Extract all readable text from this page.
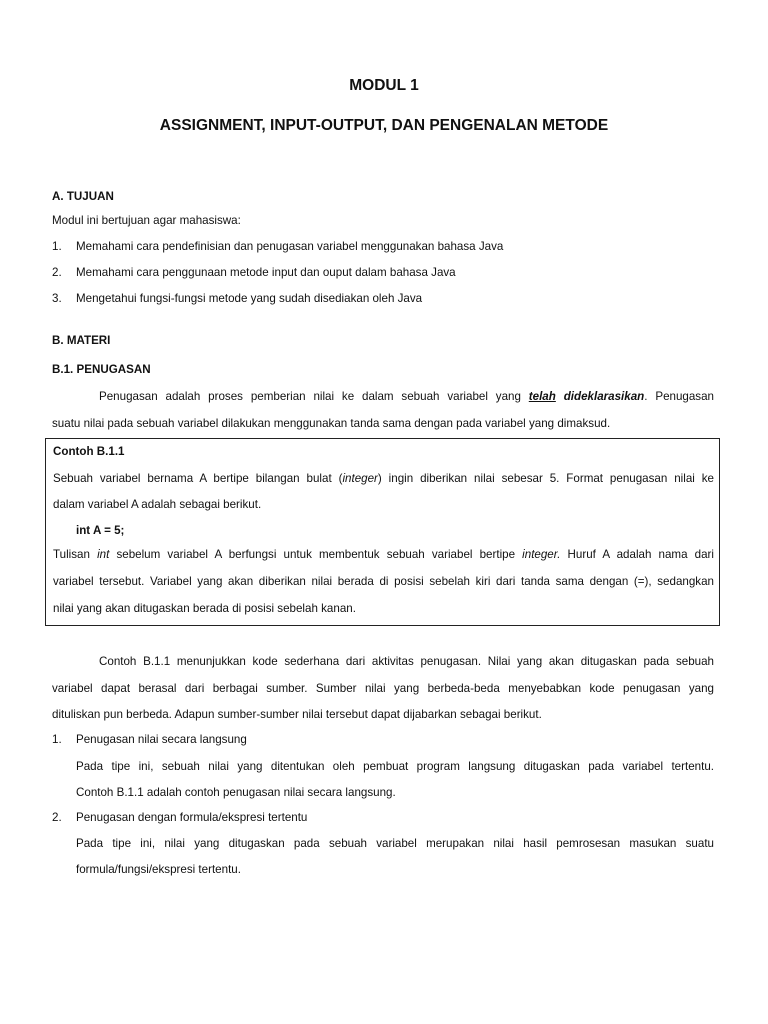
MODUL 1
ASSIGNMENT, INPUT-OUTPUT, DAN PENGENALAN METODE
A. TUJUAN
Modul ini bertujuan agar mahasiswa:
1. Memahami cara pendefinisian dan penugasan variabel menggunakan bahasa Java
2. Memahami cara penggunaan metode input dan ouput dalam bahasa Java
3. Mengetahui fungsi-fungsi metode yang sudah disediakan oleh Java
B. MATERI
B.1. PENUGASAN
Penugasan adalah proses pemberian nilai ke dalam sebuah variabel yang telah dideklarasikan. Penugasan
suatu nilai pada sebuah variabel dilakukan menggunakan tanda sama dengan pada variabel yang dimaksud.
Contoh B.1.1
Sebuah variabel bernama A bertipe bilangan bulat (integer) ingin diberikan nilai sebesar 5. Format penugasan nilai ke
dalam variabel A adalah sebagai berikut.
int A = 5;
Tulisan int sebelum variabel A berfungsi untuk membentuk sebuah variabel bertipe integer. Huruf A adalah nama dari
variabel tersebut. Variabel yang akan diberikan nilai berada di posisi sebelah kiri dari tanda sama dengan (=), sedangkan
nilai yang akan ditugaskan berada di posisi sebelah kanan.
Contoh B.1.1 menunjukkan kode sederhana dari aktivitas penugasan. Nilai yang akan ditugaskan pada sebuah
variabel dapat berasal dari berbagai sumber. Sumber nilai yang berbeda-beda menyebabkan kode penugasan yang
dituliskan pun berbeda. Adapun sumber-sumber nilai tersebut dapat dijabarkan sebagai berikut.
1. Penugasan nilai secara langsung
Pada tipe ini, sebuah nilai yang ditentukan oleh pembuat program langsung ditugaskan pada variabel tertentu.
Contoh B.1.1 adalah contoh penugasan nilai secara langsung.
2. Penugasan dengan formula/ekspresi tertentu
Pada tipe ini, nilai yang ditugaskan pada sebuah variabel merupakan nilai hasil pemrosesan masukan suatu
formula/fungsi/ekspresi tertentu.
